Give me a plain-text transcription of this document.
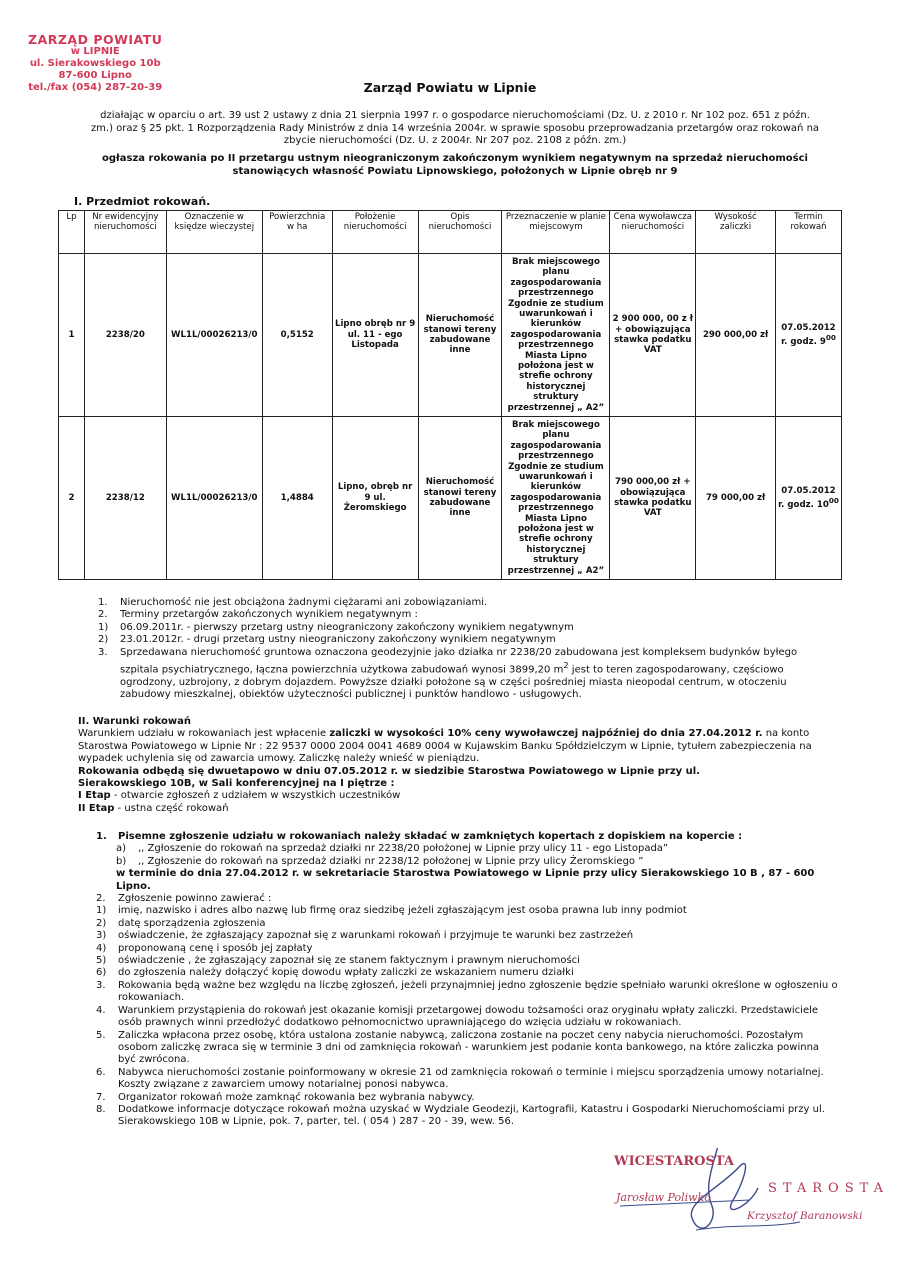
ZARZĄD POWIATU
w LIPNIE
ul. Sierakowskiego 10b
87-600 Lipno
tel./fax (054) 287-20-39	Zarząd Powiatu w Lipnie
działając w oparciu o art. 39 ust 2 ustawy z dnia 21 sierpnia 1997 r. o gospodarce nieruchomościami (Dz. U. z 2010 r. Nr 102 poz. 651 z późn. zm.) oraz § 25 pkt. 1 Rozporządzenia Rady Ministrów z dnia 14 września 2004r. w sprawie sposobu przeprowadzania przetargów oraz rokowań na zbycie nieruchomości (Dz. U. z 2004r. Nr 207 poz. 2108 z późn. zm.)
ogłasza rokowania po II przetargu ustnym nieograniczonym zakończonym wynikiem negatywnym na sprzedaż nieruchomości stanowiących własność Powiatu Lipnowskiego, położonych w Lipnie obręb nr 9
I. Przedmiot rokowań.
Lp	Nr ewidencyjny nieruchomości	Oznaczenie w księdze wieczystej	Powierzchnia w ha	Położenie nieruchomości	Opis nieruchomości	Przeznaczenie w planie miejscowym	Cena wywoławcza nieruchomości	Wysokość zaliczki	Termin rokowań
1	2238/20	WL1L/00026213/0	0,5152	Lipno obręb nr 9 ul. 11 - ego Listopada	Nieruchomość stanowi tereny zabudowane inne	Brak miejscowego planu zagospodarowania przestrzennego Zgodnie ze studium uwarunkowań i kierunków zagospodarowania przestrzennego Miasta Lipno położona jest w strefie ochrony historycznej struktury przestrzennej „ A2”	2 900 000, 00 z ł + obowiązująca stawka podatku VAT	290 000,00 zł	07.05.2012 r. godz. $9^{00}$
2	2238/12	WL1L/00026213/0	1,4884	Lipno, obręb nr 9 ul. Żeromskiego	Nieruchomość stanowi tereny zabudowane inne	Brak miejscowego planu zagospodarowania przestrzennego Zgodnie ze studium uwarunkowań i kierunków zagospodarowania przestrzennego Miasta Lipno położona jest w strefie ochrony historycznej struktury przestrzennej „ A2”	790 000,00 zł + obowiązująca stawka podatku VAT	79 000,00 zł	07.05.2012 r. godz. $10^{00}$
1.	Nieruchomość nie jest obciążona żadnymi ciężarami ani zobowiązaniami.
2.	Terminy przetargów zakończonych wynikiem negatywnym :
1)	06.09.2011r. - pierwszy przetarg ustny nieograniczony zakończony wynikiem negatywnym
2)	23.01.2012r. - drugi przetarg ustny nieograniczony zakończony wynikiem negatywnym
3.	Sprzedawana nieruchomość gruntowa oznaczona geodezyjnie jako działka nr 2238/20 zabudowana jest kompleksem budynków byłego szpitala psychiatrycznego, łączna powierzchnia użytkowa zabudowań wynosi 3899,20 $m^2$ jest to teren zagospodarowany, częściowo ogrodzony, uzbrojony, z dobrym dojazdem. Powyższe działki położone są w części pośredniej miasta nieopodal centrum, w otoczeniu zabudowy mieszkalnej, obiektów użyteczności publicznej i punktów handlowo - usługowych.
II. Warunki rokowań
Warunkiem udziału w rokowaniach jest wpłacenie zaliczki w wysokości 10% ceny wywoławczej najpóźniej do dnia 27.04.2012 r. na konto Starostwa Powiatowego w Lipnie Nr : 22 9537 0000 2004 0041 4689 0004 w Kujawskim Banku Spółdzielczym w Lipnie, tytułem zabezpieczenia na wypadek uchylenia się od zawarcia umowy. Zaliczkę należy wnieść w pieniądzu.
Rokowania odbędą się dwuetapowo w dniu 07.05.2012 r. w siedzibie Starostwa Powiatowego w Lipnie przy ul. Sierakowskiego 10B, w Sali konferencyjnej na I piętrze :
I Etap - otwarcie zgłoszeń z udziałem w wszystkich uczestników
II Etap - ustna część rokowań
1.	Pisemne zgłoszenie udziału w rokowaniach należy składać w zamkniętych kopertach z dopiskiem na kopercie :
a)	,, Zgłoszenie do rokowań na sprzedaż działki nr 2238/20 położonej w Lipnie przy ulicy 11 - ego Listopada”
b)	,, Zgłoszenie do rokowań na sprzedaż działki nr 2238/12 położonej w Lipnie przy ulicy Żeromskiego ”
w terminie do dnia 27.04.2012 r. w sekretariacie Starostwa Powiatowego w Lipnie przy ulicy Sierakowskiego 10 B , 87 - 600 Lipno.
2.	Zgłoszenie powinno zawierać :
1)	imię, nazwisko i adres albo nazwę lub firmę oraz siedzibę jeżeli zgłaszającym jest osoba prawna lub inny podmiot
2)	datę sporządzenia zgłoszenia
3)	oświadczenie, że zgłaszający zapoznał się z warunkami rokowań i przyjmuje te warunki bez zastrzeżeń
4)	proponowaną cenę i sposób jej zapłaty
5)	oświadczenie , że zgłaszający zapoznał się ze stanem faktycznym i prawnym nieruchomości
6)	do zgłoszenia należy dołączyć kopię dowodu wpłaty zaliczki ze wskazaniem numeru działki
3.	Rokowania będą ważne bez względu na liczbę zgłoszeń, jeżeli przynajmniej jedno zgłoszenie będzie spełniało warunki określone w ogłoszeniu o rokowaniach.
4.	Warunkiem przystąpienia do rokowań jest okazanie komisji przetargowej dowodu tożsamości oraz oryginału wpłaty zaliczki. Przedstawiciele osób prawnych winni przedłożyć dodatkowo pełnomocnictwo uprawniającego do wzięcia udziału w rokowaniach.
5.	Zaliczka wpłacona przez osobę, która ustalona zostanie nabywcą, zaliczona zostanie na poczet ceny nabycia nieruchomości. Pozostałym osobom zaliczkę zwraca się w terminie 3 dni od zamknięcia rokowań - warunkiem jest podanie konta bankowego, na które zaliczka powinna być zwrócona.
6.	Nabywca nieruchomości zostanie poinformowany w okresie 21 od zamknięcia rokowań o terminie i miejscu sporządzenia umowy notarialnej. Koszty związane z zawarciem umowy notarialnej ponosi nabywca.
7.	Organizator rokowań może zamknąć rokowania bez wybrania nabywcy.
8.	Dodatkowe informacje dotyczące rokowań można uzyskać w Wydziale Geodezji, Kartografii, Katastru i Gospodarki Nieruchomościami przy ul. Sierakowskiego 10B w Lipnie, pok. 7, parter, tel. ( 054 ) 287 - 20 - 39, wew. 56.
WICESTAROSTA
Jarosław Poliwko
STAROSTA
Krzysztof Baranowski
